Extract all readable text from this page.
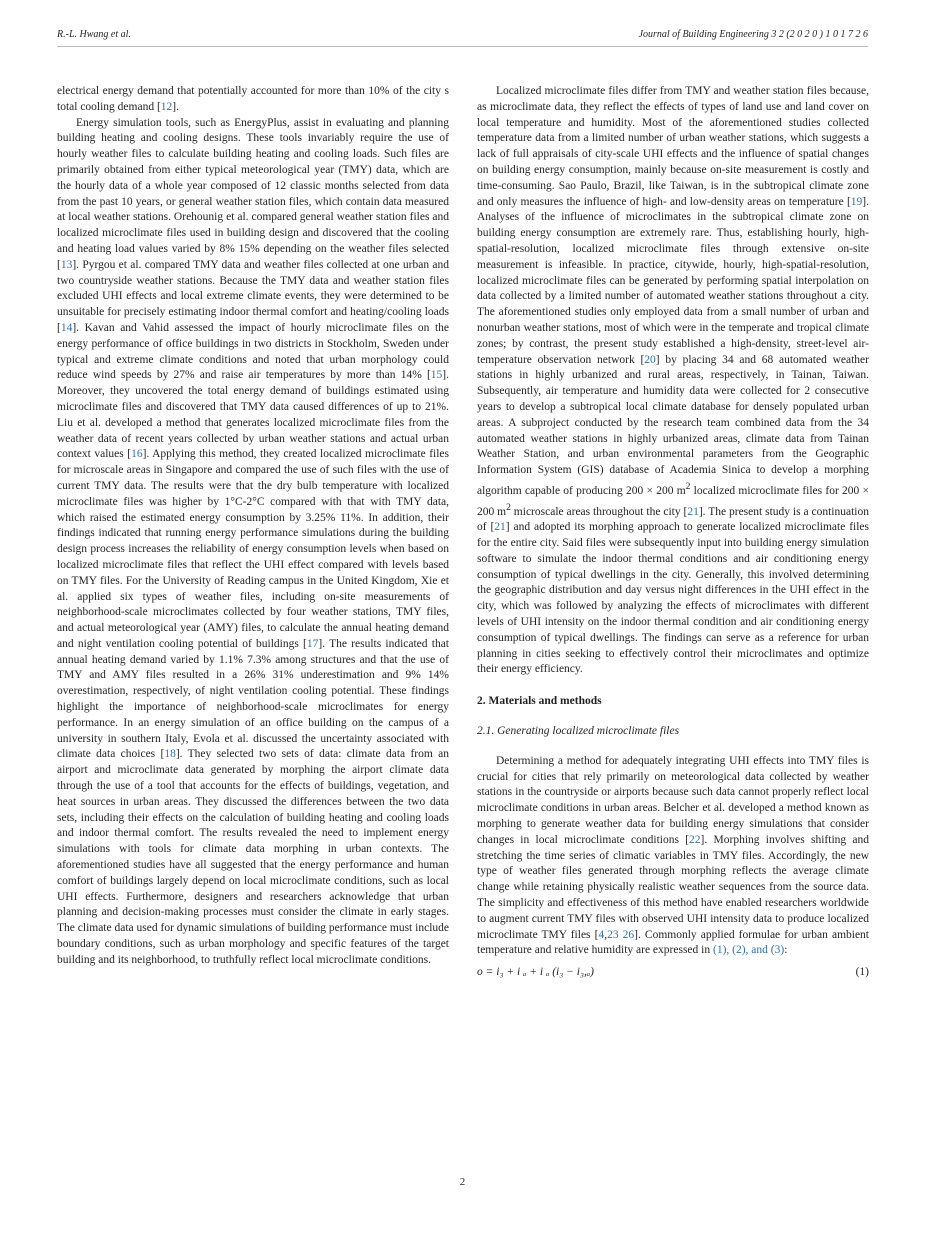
R.-L. Hwang et al.	Journal of Building Engineering 3 2 (2 0 2 0 ) 1 0 1 7 2 6

electrical energy demand that potentially accounted for more than 10% of the city s total cooling demand [12].

Energy simulation tools, such as EnergyPlus, assist in evaluating and planning building heating and cooling designs. These tools invariably require the use of hourly weather files to calculate building heating and cooling loads. Such files are primarily obtained from either typical meteorological year (TMY) data, which are the hourly data of a whole year composed of 12 classic months selected from data from the past 10 years, or general weather station files, which contain data measured at local weather stations. Orehounig et al. compared general weather station files and localized microclimate files used in building design and discovered that the cooling and heating load values varied by 8% 15% depending on the weather files selected [13]. Pyrgou et al. compared TMY data and weather files collected at one urban and two countryside weather stations. Because the TMY data and weather station files excluded UHI effects and local extreme climate events, they were determined to be unsuitable for precisely estimating indoor thermal comfort and heating/cooling loads [14]. Kavan and Vahid assessed the impact of hourly microclimate files on the energy performance of office buildings in two districts in Stockholm, Sweden under typical and extreme climate conditions and noted that urban morphology could reduce wind speeds by 27% and raise air temperatures by more than 14% [15]. Moreover, they uncovered the total energy demand of buildings estimated using microclimate files and discovered that TMY data caused differences of up to 21%. Liu et al. developed a method that generates localized microclimate files from the weather data of recent years collected by urban weather stations and actual urban context values [16]. Applying this method, they created localized microclimate files for microscale areas in Singapore and compared the use of such files with the use of current TMY data. The results were that the dry bulb temperature with localized microclimate files was higher by 1°C-2°C compared with that with TMY data, which raised the estimated energy consumption by 3.25% 11%. In addition, their findings indicated that running energy performance simulations during the building design process increases the reliability of energy consumption levels when based on localized microclimate files that reflect the UHI effect compared with levels based on TMY files. For the University of Reading campus in the United Kingdom, Xie et al. applied six types of weather files, including on-site measurements of neighborhood-scale microclimates collected by four weather stations, TMY files, and actual meteorological year (AMY) files, to calculate the annual heating demand and night ventilation cooling potential of buildings [17]. The results indicated that annual heating demand varied by 1.1% 7.3% among structures and that the use of TMY and AMY files resulted in a 26% 31% underestimation and 9% 14% overestimation, respectively, of night ventilation cooling potential. These findings highlight the importance of neighborhood-scale microclimates for energy performance. In an energy simulation of an office building on the campus of a university in southern Italy, Evola et al. discussed the uncertainty associated with climate data choices [18]. They selected two sets of data: climate data from an airport and microclimate data generated by morphing the airport climate data through the use of a tool that accounts for the effects of buildings, vegetation, and heat sources in urban areas. They discussed the differences between the two data sets, including their effects on the calculation of building heating and cooling loads and indoor thermal comfort. The results revealed the need to implement energy simulations with tools for climate data morphing in urban contexts. The aforementioned studies have all suggested that the energy performance and human comfort of buildings largely depend on local microclimate conditions, such as local UHI effects. Furthermore, designers and researchers acknowledge that urban planning and decision-making processes must consider the climate in early stages. The climate data used for dynamic simulations of building performance must include boundary conditions, such as urban morphology and specific features of the target building and its neighborhood, to truthfully reflect local microclimate conditions.

Localized microclimate files differ from TMY and weather station files because, as microclimate data, they reflect the effects of types of land use and land cover on local temperature and humidity. Most of the aforementioned studies collected temperature data from a limited number of urban weather stations, which suggests a lack of full appraisals of city-scale UHI effects and the influence of spatial changes on building energy consumption, mainly because on-site measurement is costly and time-consuming. Sao Paulo, Brazil, like Taiwan, is in the subtropical climate zone and only measures the influence of high- and low-density areas on temperature [19]. Analyses of the influence of microclimates in the subtropical climate zone on building energy consumption are extremely rare. Thus, establishing hourly, high-spatial-resolution, localized microclimate files through extensive on-site measurement is infeasible. In practice, citywide, hourly, high-spatial-resolution, localized microclimate files can be generated by performing spatial interpolation on data collected by a limited number of automated weather stations throughout a city. The aforementioned studies only employed data from a small number of urban and nonurban weather stations, most of which were in the temperate and tropical climate zones; by contrast, the present study established a high-density, street-level air-temperature observation network [20] by placing 34 and 68 automated weather stations in highly urbanized and rural areas, respectively, in Tainan, Taiwan. Subsequently, air temperature and humidity data were collected for 2 consecutive years to develop a subtropical local climate database for densely populated urban areas. A subproject conducted by the research team combined data from the 34 automated weather stations in highly urbanized areas, climate data from Tainan Weather Station, and urban environmental parameters from the Geographic Information System (GIS) database of Academia Sinica to develop a morphing algorithm capable of producing 200 × 200 $m^2$ localized microclimate files for 200 × 200 $m^2$ microscale areas throughout the city [21]. The present study is a continuation of [21] and adopted its morphing approach to generate localized microclimate files for the entire city. Said files were subsequently input into building energy simulation software to simulate the indoor thermal conditions and air conditioning energy consumption of typical dwellings in the city. Generally, this involved determining the geographic distribution and day versus night differences in the UHI effect in the city, which was followed by analyzing the effects of microclimates with different levels of UHI intensity on the indoor thermal condition and air conditioning energy consumption of typical dwellings. The findings can serve as a reference for urban planning in cities seeking to effectively control their microclimates and optimize their energy efficiency.

2. Materials and methods
2.1. Generating localized microclimate files

Determining a method for adequately integrating UHI effects into TMY files is crucial for cities that rely primarily on meteorological data collected by weather stations in the countryside or airports because such data cannot properly reflect local microclimate conditions in urban areas. Belcher et al. developed a method known as morphing to generate weather data for building energy simulations that consider changes in local microclimate conditions [22]. Morphing involves shifting and stretching the time series of climatic variables in TMY files. Accordingly, the new type of weather files generated through morphing reflects the average climate change while retaining physically realistic weather sequences from the source data. The simplicity and effectiveness of this method have enabled researchers worldwide to augment current TMY files with observed UHI intensity data to produce localized microclimate TMY files [4,23 26]. Commonly applied formulae for urban ambient temperature and relative humidity are expressed in (1), (2), and (3):

o = i₃ + i ₐ + i ₐ (i₃ − i₃,ₐ)	(1)
2
